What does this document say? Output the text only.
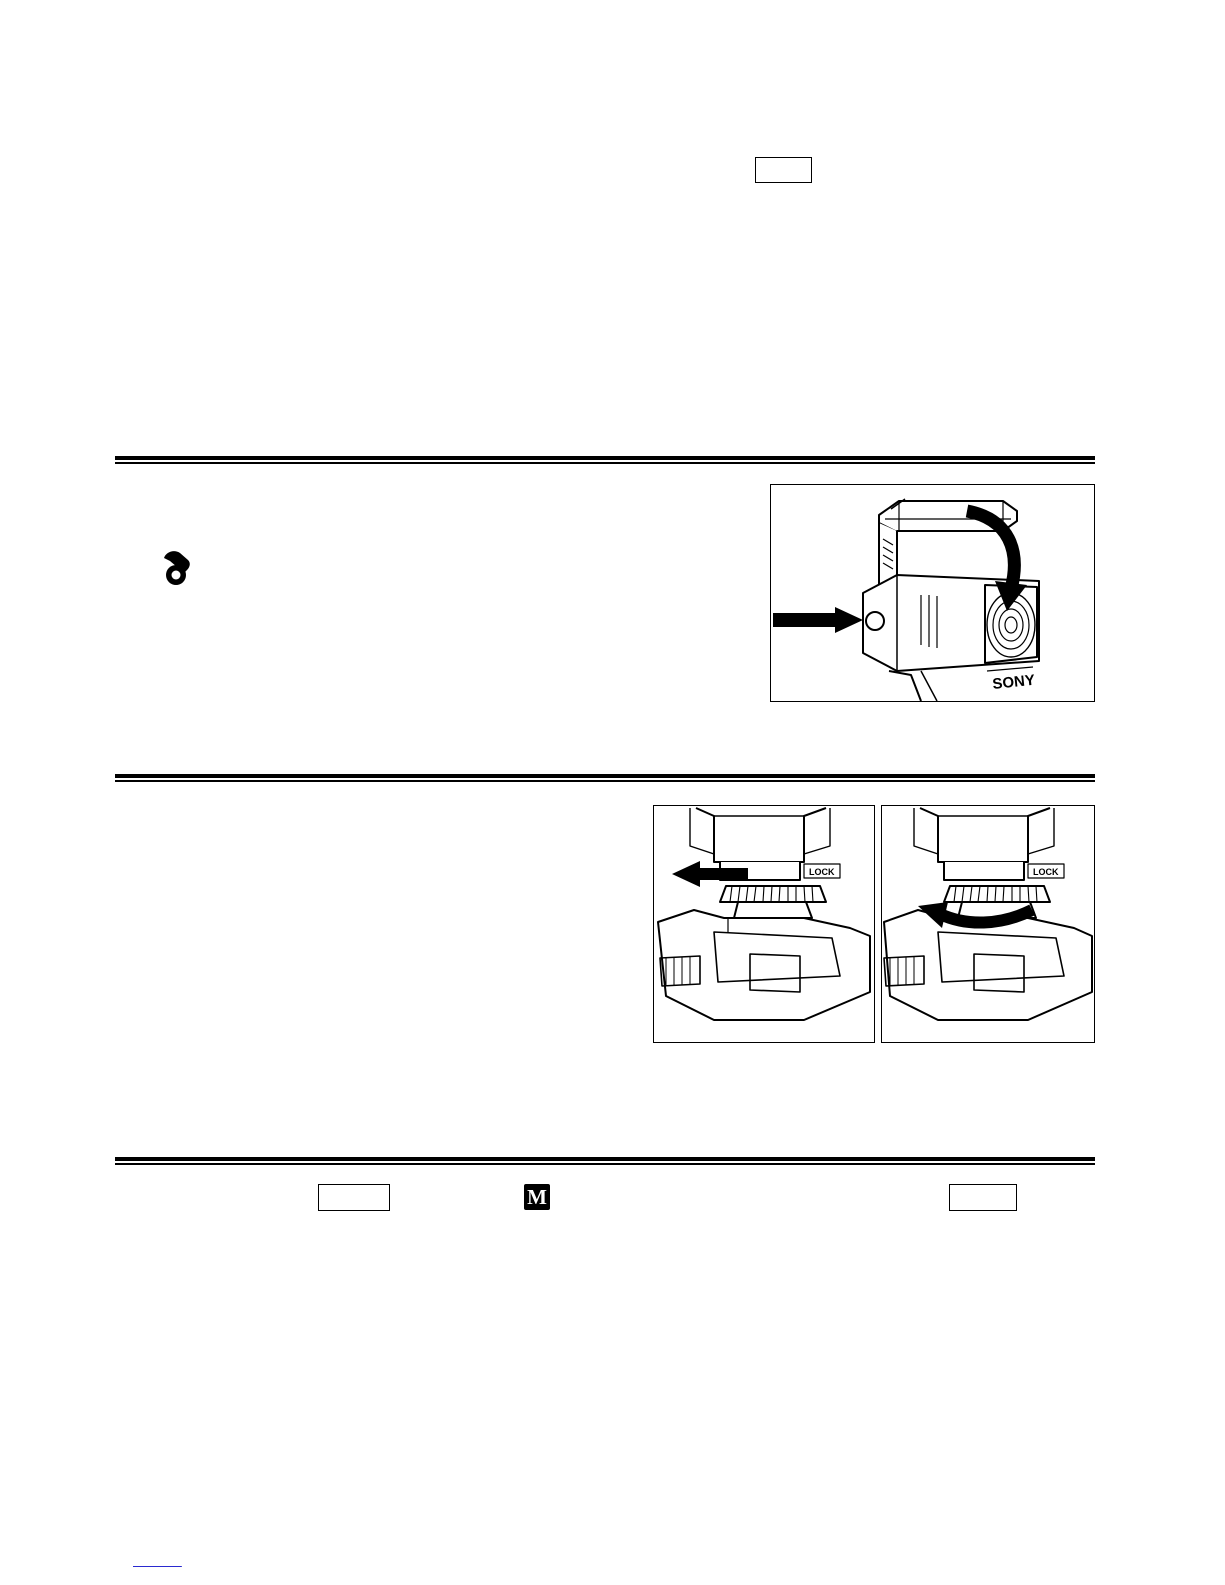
SONY
LOCK	LOCK
M
